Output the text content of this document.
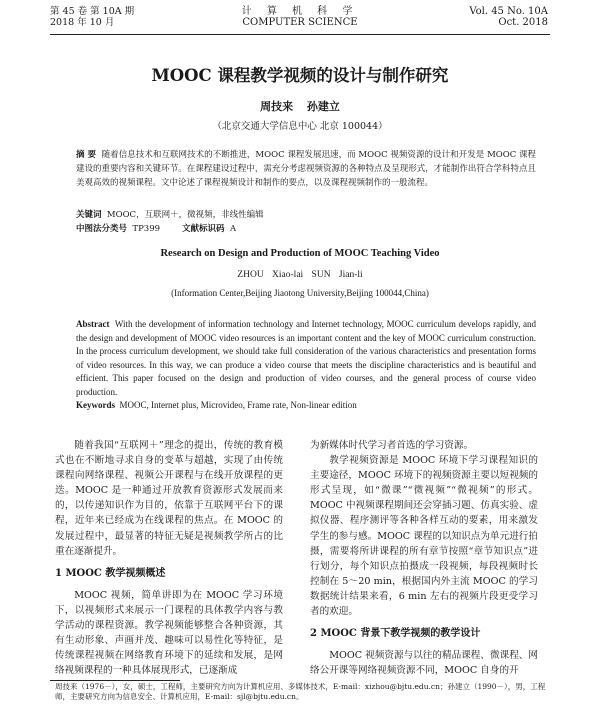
第 45 卷 第 10A 期
2018 年 10 月
计 算 机 科 学
COMPUTER SCIENCE
Vol. 45 No. 10A
Oct. 2018
MOOC 课程教学视频的设计与制作研究
周技来 孙建立
（北京交通大学信息中心 北京 100044）
摘 要 随着信息技术和互联网技术的不断推进，MOOC 课程发展迅速，而 MOOC 视频资源的设计和开发是 MOOC 课程建设的重要内容和关键环节。在课程建设过程中，需充分考虑视频资源的各种特点及呈现形式，才能制作出符合学科特点且美观高效的视频课程。文中论述了课程视频设计和制作的要点，以及课程视频制作的一般流程。
关键词 MOOC，互联网＋，微视频，非线性编辑
中图法分类号 TP399	文献标识码 A
Research on Design and Production of MOOC Teaching Video
ZHOU Xiao-lai SUN Jian-li
(Information Center,Beijing Jiaotong University,Beijing 100044,China)
Abstract With the development of information technology and Internet technology, MOOC curriculum develops rapidly, and the design and development of MOOC video resources is an important content and the key of MOOC curriculum construction. In the process curriculum development, we should take full consideration of the various characteristics and presentation forms of video resources. In this way, we can produce a video course that meets the discipline characteristics and is beautiful and efficient. This paper focused on the design and production of video courses, and the general process of course video production.
Keywords MOOC, Internet plus, Microvideo, Frame rate, Non-linear edition

随着我国“互联网＋”理念的提出，传统的教育模式也在不断地寻求自身的变革与超越，实现了由传统课程向网络课程、视频公开课程与在线开放课程的更迭。MOOC 是一种通过开放教育资源形式发展而来的，以传递知识作为目的，依靠于互联网平台下的课程，近年来已经成为在线课程的焦点。在 MOOC 的发展过程中，最显著的特征无疑是视频教学所占的比重在逐渐提升。

1 MOOC 教学视频概述

MOOC 视频，简单讲即为在 MOOC 学习环境下，以视频形式来展示一门课程的具体教学内容与教学活动的课程资源。教学视频能够整合各种资源，其有生动形象、声画并茂、趣味可以易性化等特征，是传统课程视频在网络教育环境下的延续和发展，是网络视频课程的一种具体展现形式，已逐渐成

为新媒体时代学习者首选的学习资源。

教学视频资源是 MOOC 环境下学习课程知识的主要途径，MOOC 环境下的视频资源主要以短视频的形式呈现，如“微课”“微视频”“微视频”的形式。MOOC 中视频课程期间还会穿插习题、仿真实验、虚拟仪器、程序测评等各种各样互动的要素，用来激发学生的参与感。MOOC 课程的以知识点为单元进行拍摄，需要将所讲课程的所有章节按照“章节知识点”进行划分，每个知识点拍摄成一段视频，每段视频时长控制在 5～20 min，根据国内外主流 MOOC 的学习数据统计结果来看，6 min 左右的视频片段更受学习者的欢迎。

2 MOOC 背景下教学视频的教学设计

MOOC 视频资源与以往的精品课程、微课程、网络公开课等网络视频资源不同，MOOC 自身的开

周技来（1976－），女，硕士，工程师，主要研究方向为计算机应用、多媒体技术，E-mail：xizhou@bjtu.edu.cn；孙建立（1990－），男，工程师，主要研究方向为信息安全、计算机应用，E-mail：sjl@bjtu.edu.cn。
